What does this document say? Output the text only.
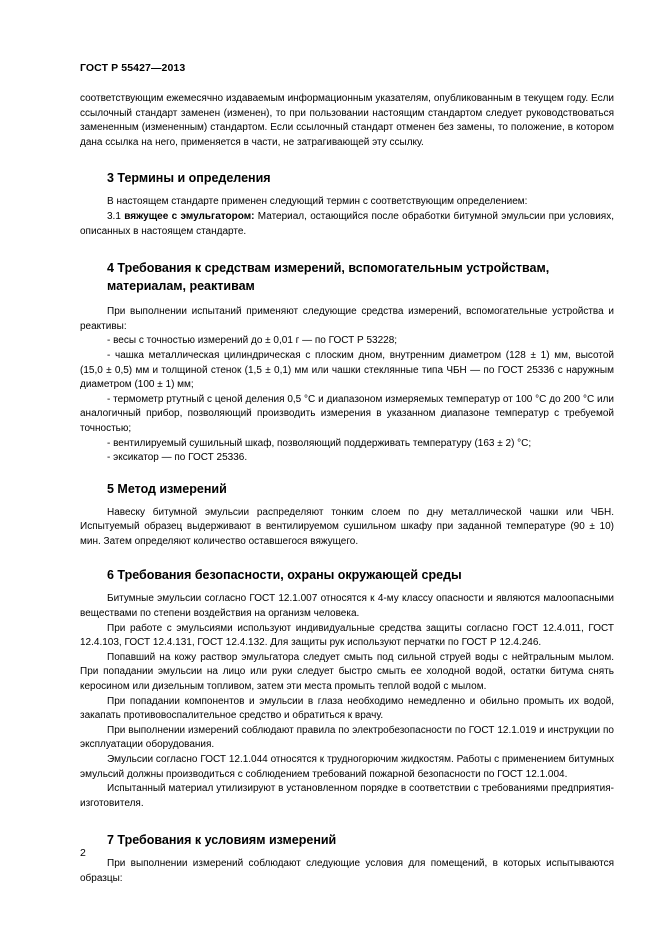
ГОСТ Р 55427—2013

соответствующим ежемесячно издаваемым информационным указателям, опубликованным в текущем году. Если ссылочный стандарт заменен (изменен), то при пользовании настоящим стандартом следует руководствоваться замененным (измененным) стандартом. Если ссылочный стандарт отменен без замены, то положение, в котором дана ссылка на него, применяется в части, не затрагивающей эту ссылку.

3 Термины и определения

В настоящем стандарте применен следующий термин с соответствующим определением:

3.1 вяжущее с эмульгатором: Материал, остающийся после обработки битумной эмульсии при условиях, описанных в настоящем стандарте.

4 Требования к средствам измерений, вспомогательным устройствам,
материалам, реактивам

При выполнении испытаний применяют следующие средства измерений, вспомогательные устройства и реактивы:

- весы с точностью измерений до ± 0,01 г — по ГОСТ Р 53228;

- чашка металлическая цилиндрическая с плоским дном, внутренним диаметром (128 ± 1) мм, высотой (15,0 ± 0,5) мм и толщиной стенок (1,5 ± 0,1) мм или чашки стеклянные типа ЧБН — по ГОСТ 25336 с наружным диаметром (100 ± 1) мм;

- термометр ртутный с ценой деления 0,5 °С и диапазоном измеряемых температур от 100 °С до 200 °С или аналогичный прибор, позволяющий производить измерения в указанном диапазоне температур с требуемой точностью;

- вентилируемый сушильный шкаф, позволяющий поддерживать температуру (163 ± 2) °С;

- эксикатор — по ГОСТ 25336.

5 Метод измерений

Навеску битумной эмульсии распределяют тонким слоем по дну металлической чашки или ЧБН. Испытуемый образец выдерживают в вентилируемом сушильном шкафу при заданной температуре (90 ± 10) мин. Затем определяют количество оставшегося вяжущего.

6 Требования безопасности, охраны окружающей среды

Битумные эмульсии согласно ГОСТ 12.1.007 относятся к 4-му классу опасности и являются малоопасными веществами по степени воздействия на организм человека.

При работе с эмульсиями используют индивидуальные средства защиты согласно ГОСТ 12.4.011, ГОСТ 12.4.103, ГОСТ 12.4.131, ГОСТ 12.4.132. Для защиты рук используют перчатки по ГОСТ Р 12.4.246.

Попавший на кожу раствор эмульгатора следует смыть под сильной струей воды с нейтральным мылом. При попадании эмульсии на лицо или руки следует быстро смыть ее холодной водой, остатки битума снять керосином или дизельным топливом, затем эти места промыть теплой водой с мылом.

При попадании компонентов и эмульсии в глаза необходимо немедленно и обильно промыть их водой, закапать противовоспалительное средство и обратиться к врачу.

При выполнении измерений соблюдают правила по электробезопасности по ГОСТ 12.1.019 и инструкции по эксплуатации оборудования.

Эмульсии согласно ГОСТ 12.1.044 относятся к трудногорючим жидкостям. Работы с применением битумных эмульсий должны производиться с соблюдением требований пожарной безопасности по ГОСТ 12.1.004.

Испытанный материал утилизируют в установленном порядке в соответствии с требованиями предприятия-изготовителя.

7 Требования к условиям измерений

При выполнении измерений соблюдают следующие условия для помещений, в которых испытываются образцы:

2
